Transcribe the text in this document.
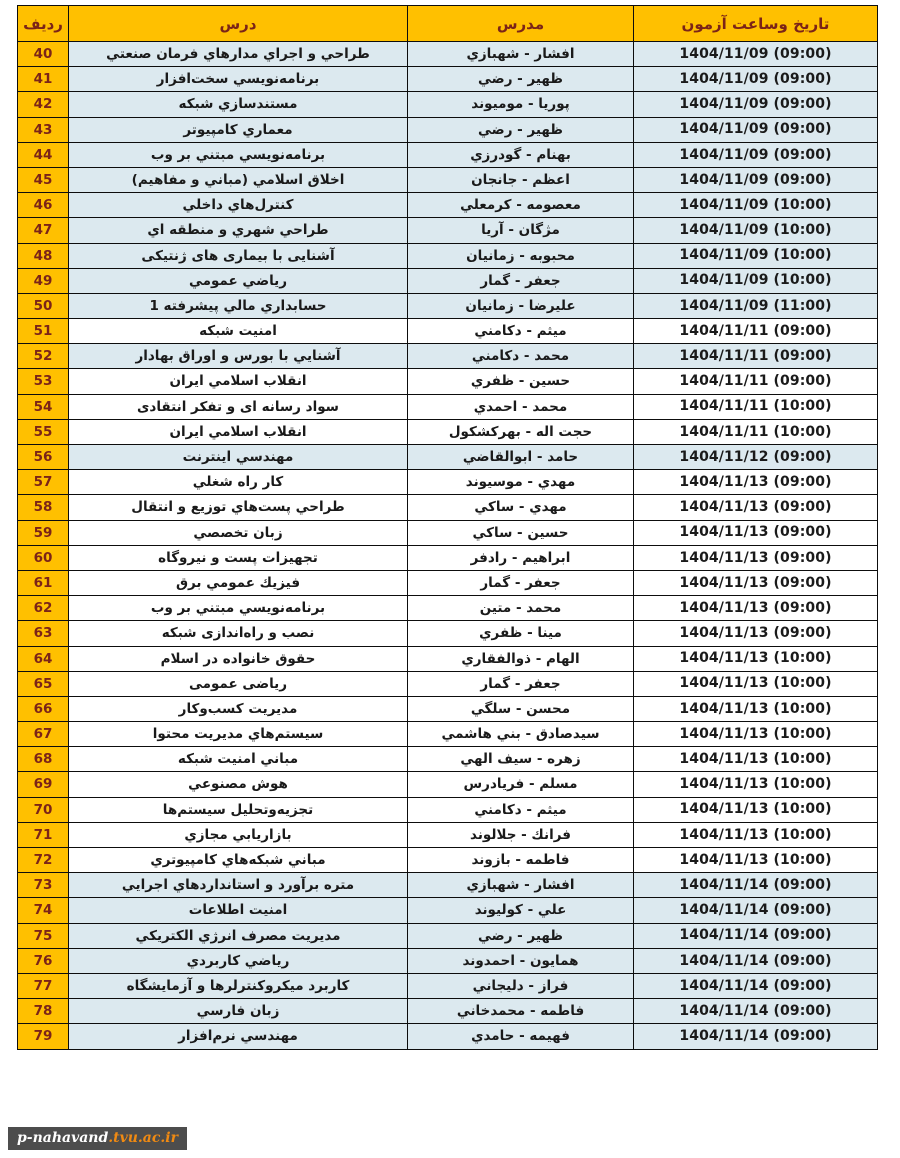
تاریخ وساعت آزمون	مدرس	درس	ردیف
1404/11/09 (09:00)	افشار - شهبازي	طراحي و اجراي مدارهاي فرمان صنعتي	40
1404/11/09 (09:00)	ظهیر - رضي	برنامه‌نويسي سخت‌افزار	41
1404/11/09 (09:00)	پوریا - مومیوند	مستندسازي شبكه	42
1404/11/09 (09:00)	ظهیر - رضي	معماري كامپیوتر	43
1404/11/09 (09:00)	بهنام - گودرزي	برنامه‌نويسي مبتني بر وب	44
1404/11/09 (09:00)	اعظم - جانجان	اخلاق اسلامي (مباني و مفاهیم)	45
1404/11/09 (10:00)	معصومه - كرمعلي	كنترل‌هاي داخلي	46
1404/11/09 (10:00)	مژگان - آریا	طراحي شهري و منطقه اي	47
1404/11/09 (10:00)	محبوبه - زمانیان	آشنایی با بیماری های ژنتیکی	48
1404/11/09 (10:00)	جعفر - گمار	ریاضي عمومي	49
1404/11/09 (11:00)	علیرضا - زمانیان	حسابداري مالي پیشرفته 1	50
1404/11/11 (09:00)	میثم - دكامني	امنیت شبكه	51
1404/11/11 (09:00)	محمد - دكامني	آشنایي با بورس و اوراق بهادار	52
1404/11/11 (09:00)	حسین - ظفري	انقلاب اسلامي ایران	53
1404/11/11 (10:00)	محمد - احمدي	سواد رسانه ای و تفكر انتقادی	54
1404/11/11 (10:00)	حجت اله - بهركشكول	انقلاب اسلامي ایران	55
1404/11/12 (09:00)	حامد - ابوالقاضي	مهندسي اینترنت	56
1404/11/13 (09:00)	مهدي - موسیوند	كار راه شغلي	57
1404/11/13 (09:00)	مهدي - ساكي	طراحي پست‌هاي توزیع و انتقال	58
1404/11/13 (09:00)	حسین - ساكي	زبان تخصصي	59
1404/11/13 (09:00)	ابراهیم - رادفر	تجهیزات پست و نیروگاه	60
1404/11/13 (09:00)	جعفر - گمار	فیزیك عمومي برق	61
1404/11/13 (09:00)	محمد - متین	برنامه‌نويسي مبتني بر وب	62
1404/11/13 (09:00)	مینا - ظفري	نصب و راه‌اندازی شبكه	63
1404/11/13 (10:00)	الهام - ذوالفقاري	حقوق خانواده در اسلام	64
1404/11/13 (10:00)	جعفر - گمار	ریاضی عمومی	65
1404/11/13 (10:00)	محسن - سلگي	مدیریت كسب‌وكار	66
1404/11/13 (10:00)	سیدصادق - بني هاشمي	سیستم‌هاي مدیریت محتوا	67
1404/11/13 (10:00)	زهره - سیف الهي	مباني امنیت شبكه	68
1404/11/13 (10:00)	مسلم - فریادرس	هوش مصنوعي	69
1404/11/13 (10:00)	میثم - دكامني	تجزیه‌وتحلیل سیستم‌ها	70
1404/11/13 (10:00)	فرانك - جلالوند	بازاریابي مجازي	71
1404/11/13 (10:00)	فاطمه - بازوند	مباني شبكه‌هاي كامپیوتري	72
1404/11/14 (09:00)	افشار - شهبازي	متره برآورد و استانداردهاي اجرایي	73
1404/11/14 (09:00)	علي - كولیوند	امنیت اطلاعات	74
1404/11/14 (09:00)	ظهیر - رضي	مدیریت مصرف انرژي الكتریكي	75
1404/11/14 (09:00)	همایون - احمدوند	ریاضي كاربردي	76
1404/11/14 (09:00)	فراز - دلیجاني	كاربرد میكروكنترلرها و آزمایشگاه	77
1404/11/14 (09:00)	فاطمه - محمدخاني	زبان فارسي	78
1404/11/14 (09:00)	فهیمه - حامدي	مهندسي نرم‌افزار	79
p-nahavand.tvu.ac.ir
